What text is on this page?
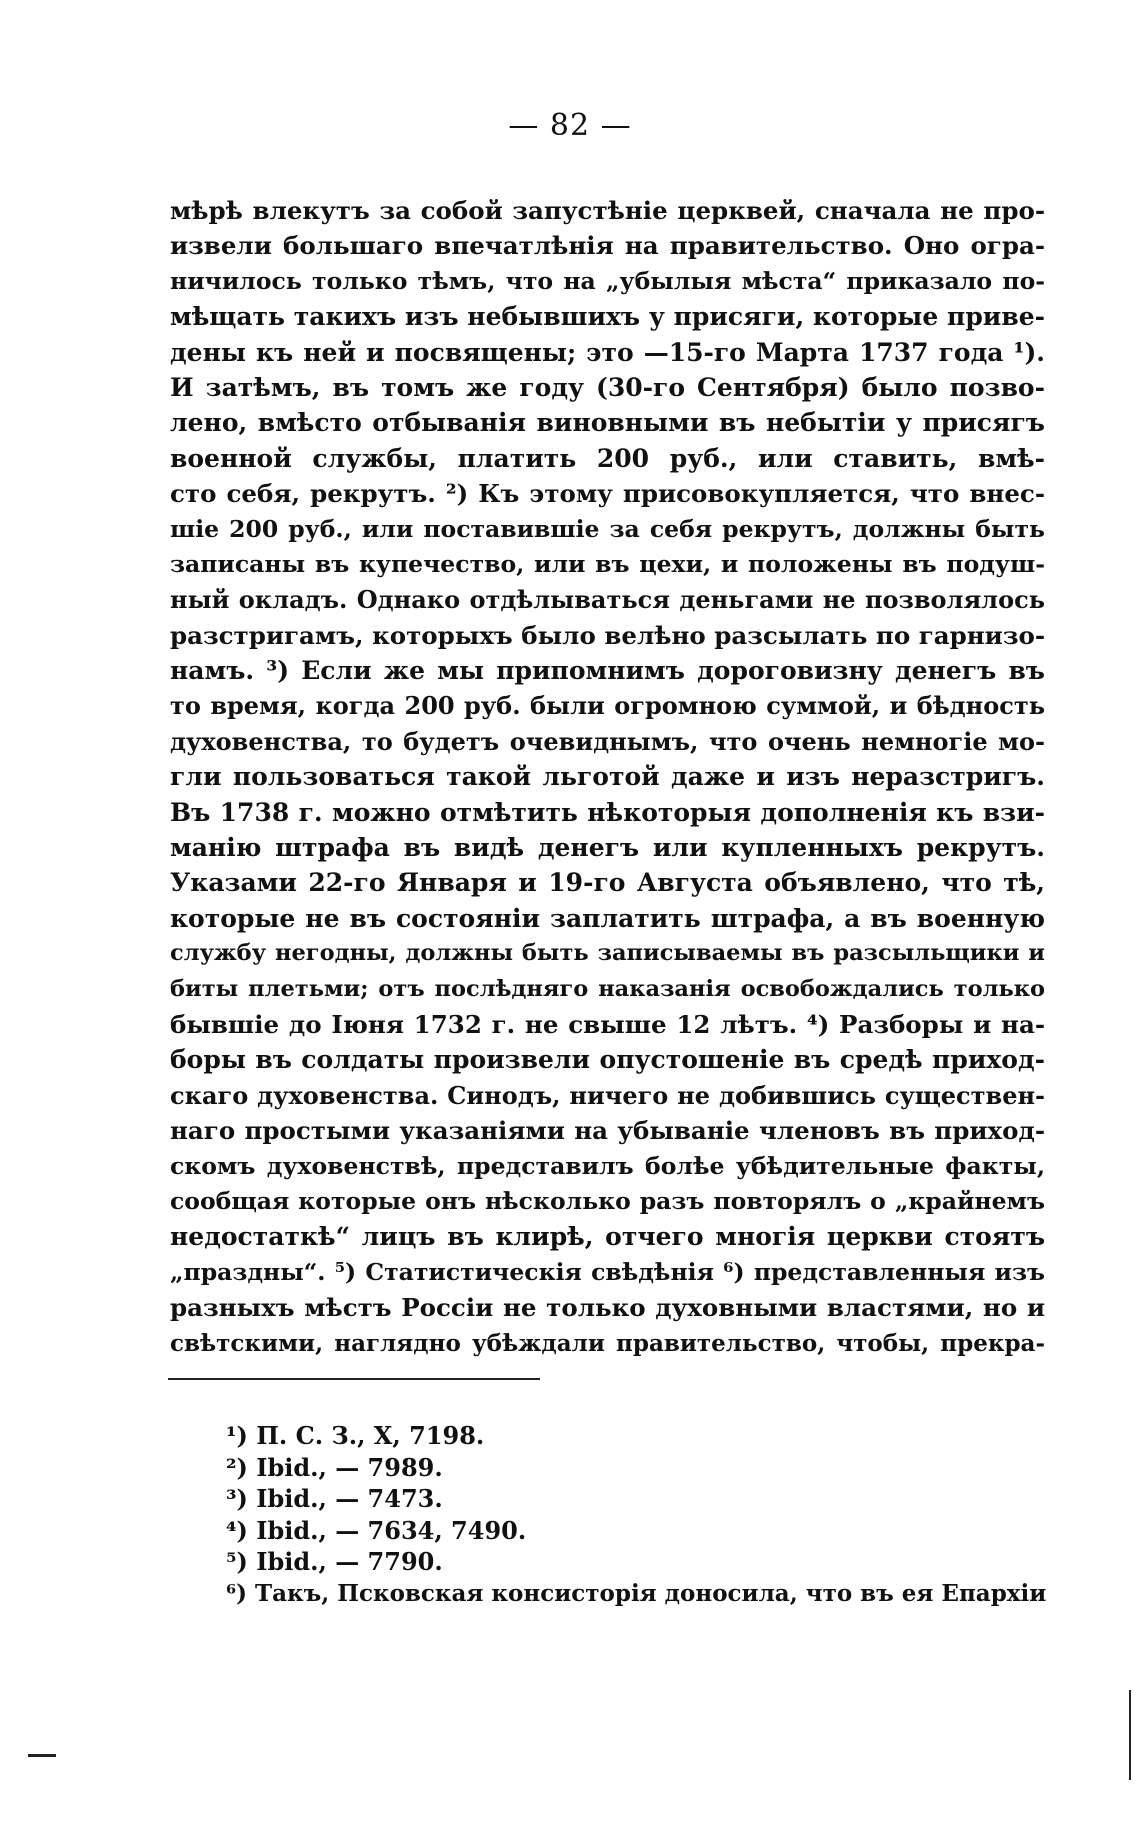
— 82 —
мѣрѣ влекутъ за собой запустѣніе церквей, сначала не про-
извели большаго впечатлѣнія на правительство. Оно огра-
ничилось только тѣмъ, что на „убылыя мѣста“ приказало по-
мѣщать такихъ изъ небывшихъ у присяги, которые приве-
дены къ ней и посвящены; это —15-го Марта 1737 года ¹).
И затѣмъ, въ томъ же году (30-го Сентября) было позво-
лено, вмѣсто отбыванія виновными въ небытіи у присягъ
военной службы, платить 200 руб., или ставить, вмѣ-
сто себя, рекрутъ. ²) Къ этому присовокупляется, что внес-
шіе 200 руб., или поставившіе за себя рекрутъ, должны быть
записаны въ купечество, или въ цехи, и положены въ подуш-
ный окладъ. Однако отдѣлываться деньгами не позволялось
разстригамъ, которыхъ было велѣно разсылать по гарнизо-
намъ. ³) Если же мы припомнимъ дороговизну денегъ въ
то время, когда 200 руб. были огромною суммой, и бѣдность
духовенства, то будетъ очевиднымъ, что очень немногіе мо-
гли пользоваться такой льготой даже и изъ неразстригъ.
Въ 1738 г. можно отмѣтить нѣкоторыя дополненія къ взи-
манію штрафа въ видѣ денегъ или купленныхъ рекрутъ.
Указами 22-го Января и 19-го Августа объявлено, что тѣ,
которые не въ состояніи заплатить штрафа, а въ военную
службу негодны, должны быть записываемы въ разсыльщики и
биты плетьми; отъ послѣдняго наказанія освобождались только
бывшіе до Іюня 1732 г. не свыше 12 лѣтъ. ⁴) Разборы и на-
боры въ солдаты произвели опустошеніе въ средѣ приход-
скаго духовенства. Синодъ, ничего не добившись существен-
наго простыми указаніями на убываніе членовъ въ приход-
скомъ духовенствѣ, представилъ болѣе убѣдительные факты,
сообщая которые онъ нѣсколько разъ повторялъ о „крайнемъ
недостаткѣ“ лицъ въ клирѣ, отчего многія церкви стоятъ
„праздны“. ⁵) Статистическія свѣдѣнія ⁶) представленныя изъ
разныхъ мѣстъ Россіи не только духовными властями, но и
свѣтскими, наглядно убѣждали правительство, чтобы, прекра-
¹) П. С. З., X, 7198.
²) Ibid., — 7989.
³) Ibid., — 7473.
⁴) Ibid., — 7634, 7490.
⁵) Ibid., — 7790.
⁶) Такъ, Псковская консисторія доносила, что въ ея Епархіи
